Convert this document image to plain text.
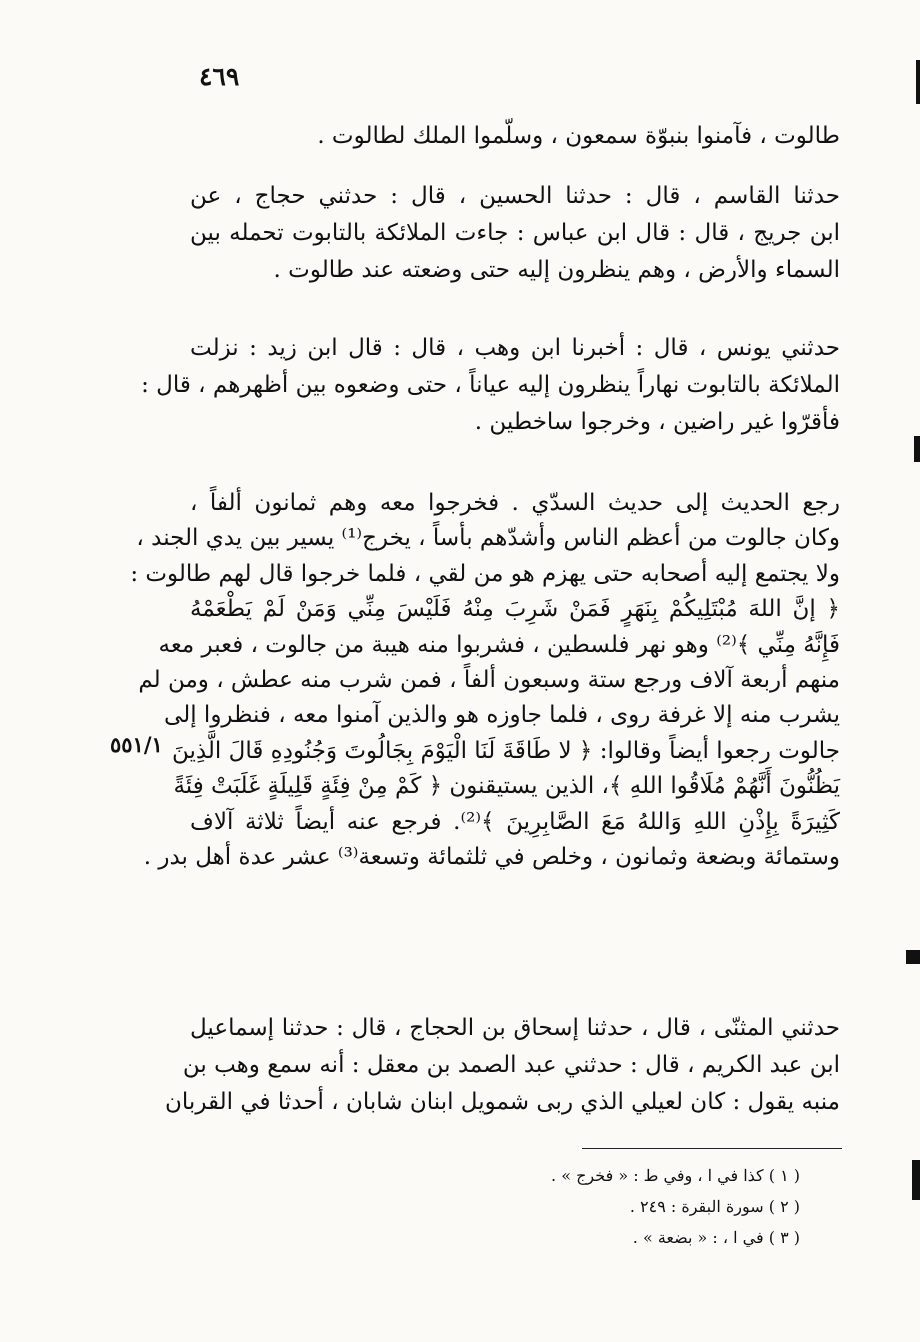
٤٦٩
طالوت ، فآمنوا بنبوّة سمعون ، وسلّموا الملك لطالوت .
حدثنا القاسم ، قال : حدثنا الحسين ، قال : حدثني حجاج ، عن
ابن جريج ، قال : قال ابن عباس : جاءت الملائكة بالتابوت تحمله بين
السماء والأرض ، وهم ينظرون إليه حتى وضعته عند طالوت .
حدثني يونس ، قال : أخبرنا ابن وهب ، قال : قال ابن زيد : نزلت
الملائكة بالتابوت نهاراً ينظرون إليه عياناً ، حتى وضعوه بين أظهرهم ، قال :
فأقرّوا غير راضين ، وخرجوا ساخطين .
رجع الحديث إلى حديث السدّي . فخرجوا معه وهم ثمانون ألفاً ،
وكان جالوت من أعظم الناس وأشدّهم بأساً ، يخرج⁽¹⁾ يسير بين يدي الجند ،
ولا يجتمع إليه أصحابه حتى يهزم هو من لقي ، فلما خرجوا قال لهم طالوت :
﴿ إنَّ اللهَ مُبْتَلِيكُمْ بِنَهَرٍ فَمَنْ شَرِبَ مِنْهُ فَلَيْسَ مِنِّي وَمَنْ لَمْ يَطْعَمْهُ
فَإِنَّهُ مِنِّي ﴾⁽²⁾ وهو نهر فلسطين ، فشربوا منه هيبة من جالوت ، فعبر معه
منهم أربعة آلاف ورجع ستة وسبعون ألفاً ، فمن شرب منه عطش ، ومن لم
يشرب منه إلا غرفة روى ، فلما جاوزه هو والذين آمنوا معه ، فنظروا إلى
جالوت رجعوا أيضاً وقالوا: ﴿ لا طَاقَةَ لَنَا الْيَوْمَ بِجَالُوتَ وَجُنُودِهِ قَالَ الَّذِينَ
يَظُنُّونَ أَنَّهُمْ مُلَاقُوا اللهِ ﴾، الذين يستيقنون ﴿ كَمْ مِنْ فِئَةٍ قَلِيلَةٍ غَلَبَتْ فِئَةً
كَثِيرَةً بِإِذْنِ اللهِ وَاللهُ مَعَ الصَّابِرِينَ ﴾⁽²⁾. فرجع عنه أيضاً ثلاثة آلاف
وستمائة وبضعة وثمانون ، وخلص في ثلثمائة وتسعة⁽³⁾ عشر عدة أهل بدر .
٥٥١/١
حدثني المثنّى ، قال ، حدثنا إسحاق بن الحجاج ، قال : حدثنا إسماعيل
ابن عبد الكريم ، قال : حدثني عبد الصمد بن معقل : أنه سمع وهب بن
منبه يقول : كان لعيلي الذي ربى شمويل ابنان شابان ، أحدثا في القربان
( ١ ) كذا في ا ، وفي ط : « فخرج » .
( ٢ ) سورة البقرة : ٢٤٩ .
( ٣ ) في ا ، : « بضعة » .
